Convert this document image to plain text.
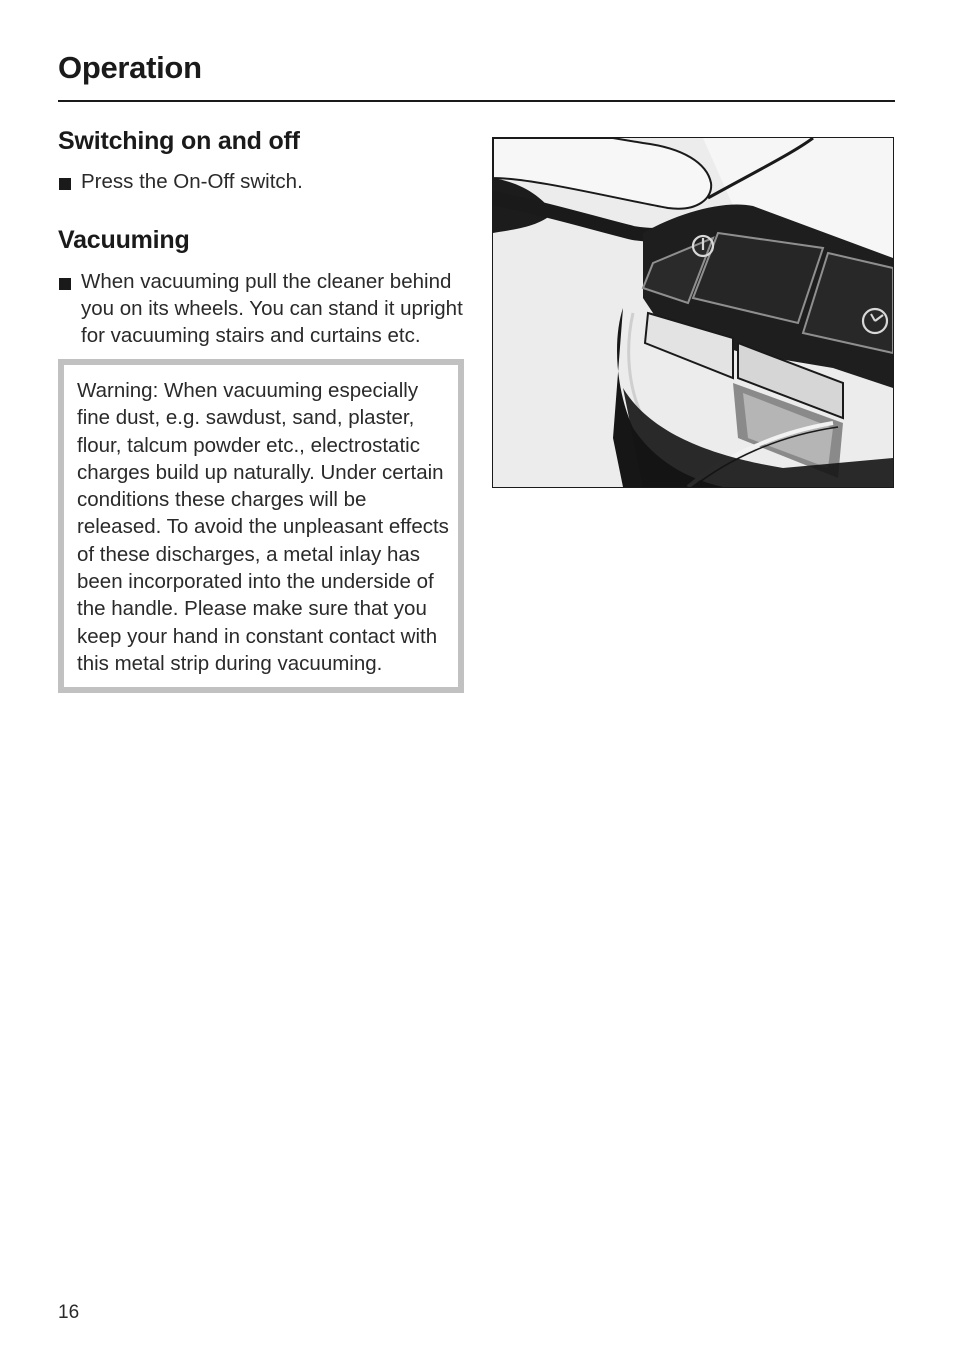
Operation
Switching on and off

Press the On-Off switch.

Vacuuming

When vacuuming pull the cleaner behind you on its wheels. You can stand it upright for vacuuming stairs and curtains etc.

Warning: When vacuuming especially fine dust, e.g. sawdust, sand, plaster, flour, talcum powder etc., electrostatic charges build up naturally. Under certain conditions these charges will be released. To avoid the unpleasant effects of these discharges, a metal inlay has been incorporated into the underside of the handle. Please make sure that you keep your hand in constant contact with this metal strip during vacuuming.
16
